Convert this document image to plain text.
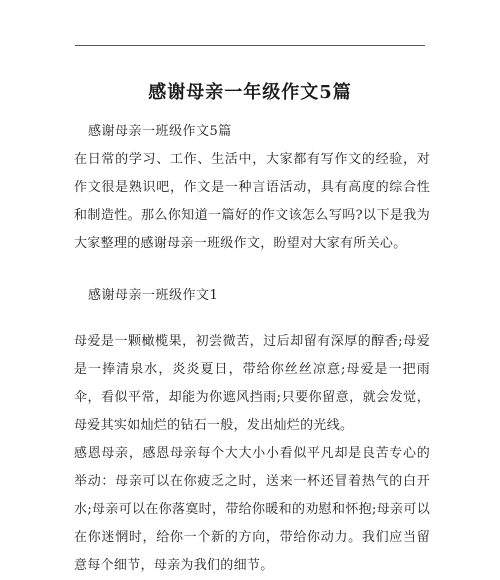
感谢母亲一年级作文5篇

感谢母亲一班级作文5篇

在日常的学习、工作、生活中，大家都有写作文的经验，对作文很是熟识吧，作文是一种言语活动，具有高度的综合性和制造性。那么你知道一篇好的作文该怎么写吗?以下是我为大家整理的感谢母亲一班级作文，盼望对大家有所关心。

感谢母亲一班级作文1

母爱是一颗橄榄果，初尝微苦，过后却留有深厚的醇香;母爱是一捧清泉水，炎炎夏日，带给你丝丝凉意;母爱是一把雨伞，看似平常，却能为你遮风挡雨;只要你留意，就会发觉，母爱其实如灿烂的钻石一般，发出灿烂的光线。

感恩母亲，感恩母亲每个大大小小看似平凡却是良苦专心的举动：母亲可以在你疲乏之时，送来一杯还冒着热气的白开水;母亲可以在你落寞时，带给你暖和的劝慰和怀抱;母亲可以在你迷惘时，给你一个新的方向，带给你动力。我们应当留意每个细节，母亲为我们的细节。
